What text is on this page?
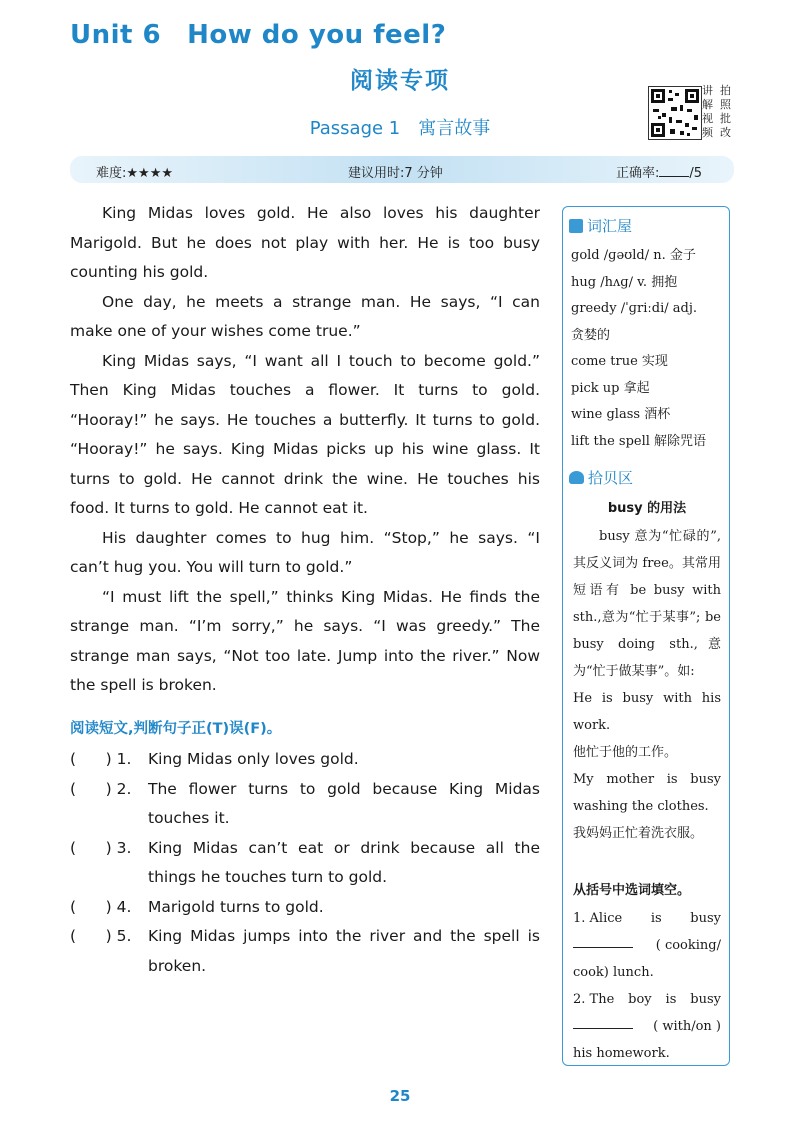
Unit 6 How do you feel?
阅读专项
Passage 1 寓言故事
讲 拍
解 照
视 批
频 改
难度:★★★★	建议用时:7 分钟	正确率: /5

King Midas loves gold. He also loves his daughter Marigold. But he does not play with her. He is too busy counting his gold.

One day, he meets a strange man. He says, “I can make one of your wishes come true.”

King Midas says, “I want all I touch to become gold.” Then King Midas touches a flower. It turns to gold. “Hooray!” he says. He touches a butterfly. It turns to gold. “Hooray!” he says. King Midas picks up his wine glass. It turns to gold. He cannot drink the wine. He touches his food. It turns to gold. He cannot eat it.

His daughter comes to hug him. “Stop,” he says. “I can’t hug you. You will turn to gold.”

“I must lift the spell,” thinks King Midas. He finds the strange man. “I’m sorry,” he says. “I was greedy.” The strange man says, “Not too late. Jump into the river.” Now the spell is broken.

阅读短文,判断句子正(T)误(F)。
(      ) 1.	King Midas only loves gold.
(      ) 2.	The flower turns to gold because King Midas touches it.
(      ) 3.	King Midas can’t eat or drink because all the things he touches turn to gold.
(      ) 4.	Marigold turns to gold.
(      ) 5.	King Midas jumps into the river and the spell is broken.
词汇屋
gold /ɡəʊld/ n. 金子
hug /hʌɡ/ v. 拥抱
greedy /ˈɡriːdi/ adj.
贪婪的
come true 实现
pick up 拿起
wine glass 酒杯
lift the spell 解除咒语
拾贝区
busy 的用法

busy 意为“忙碌的”,其反义词为 free。其常用短语有 be busy with sth.,意为“忙于某事”; be busy doing sth.,意为“忙于做某事”。如:

He is busy with his work.

他忙于他的工作。

My mother is busy washing the clothes.

我妈妈正忙着洗衣服。

从括号中选词填空。
1. Alice is busy
( cooking/
cook) lunch.
2. The boy is busy
( with/on )
his homework.
25
